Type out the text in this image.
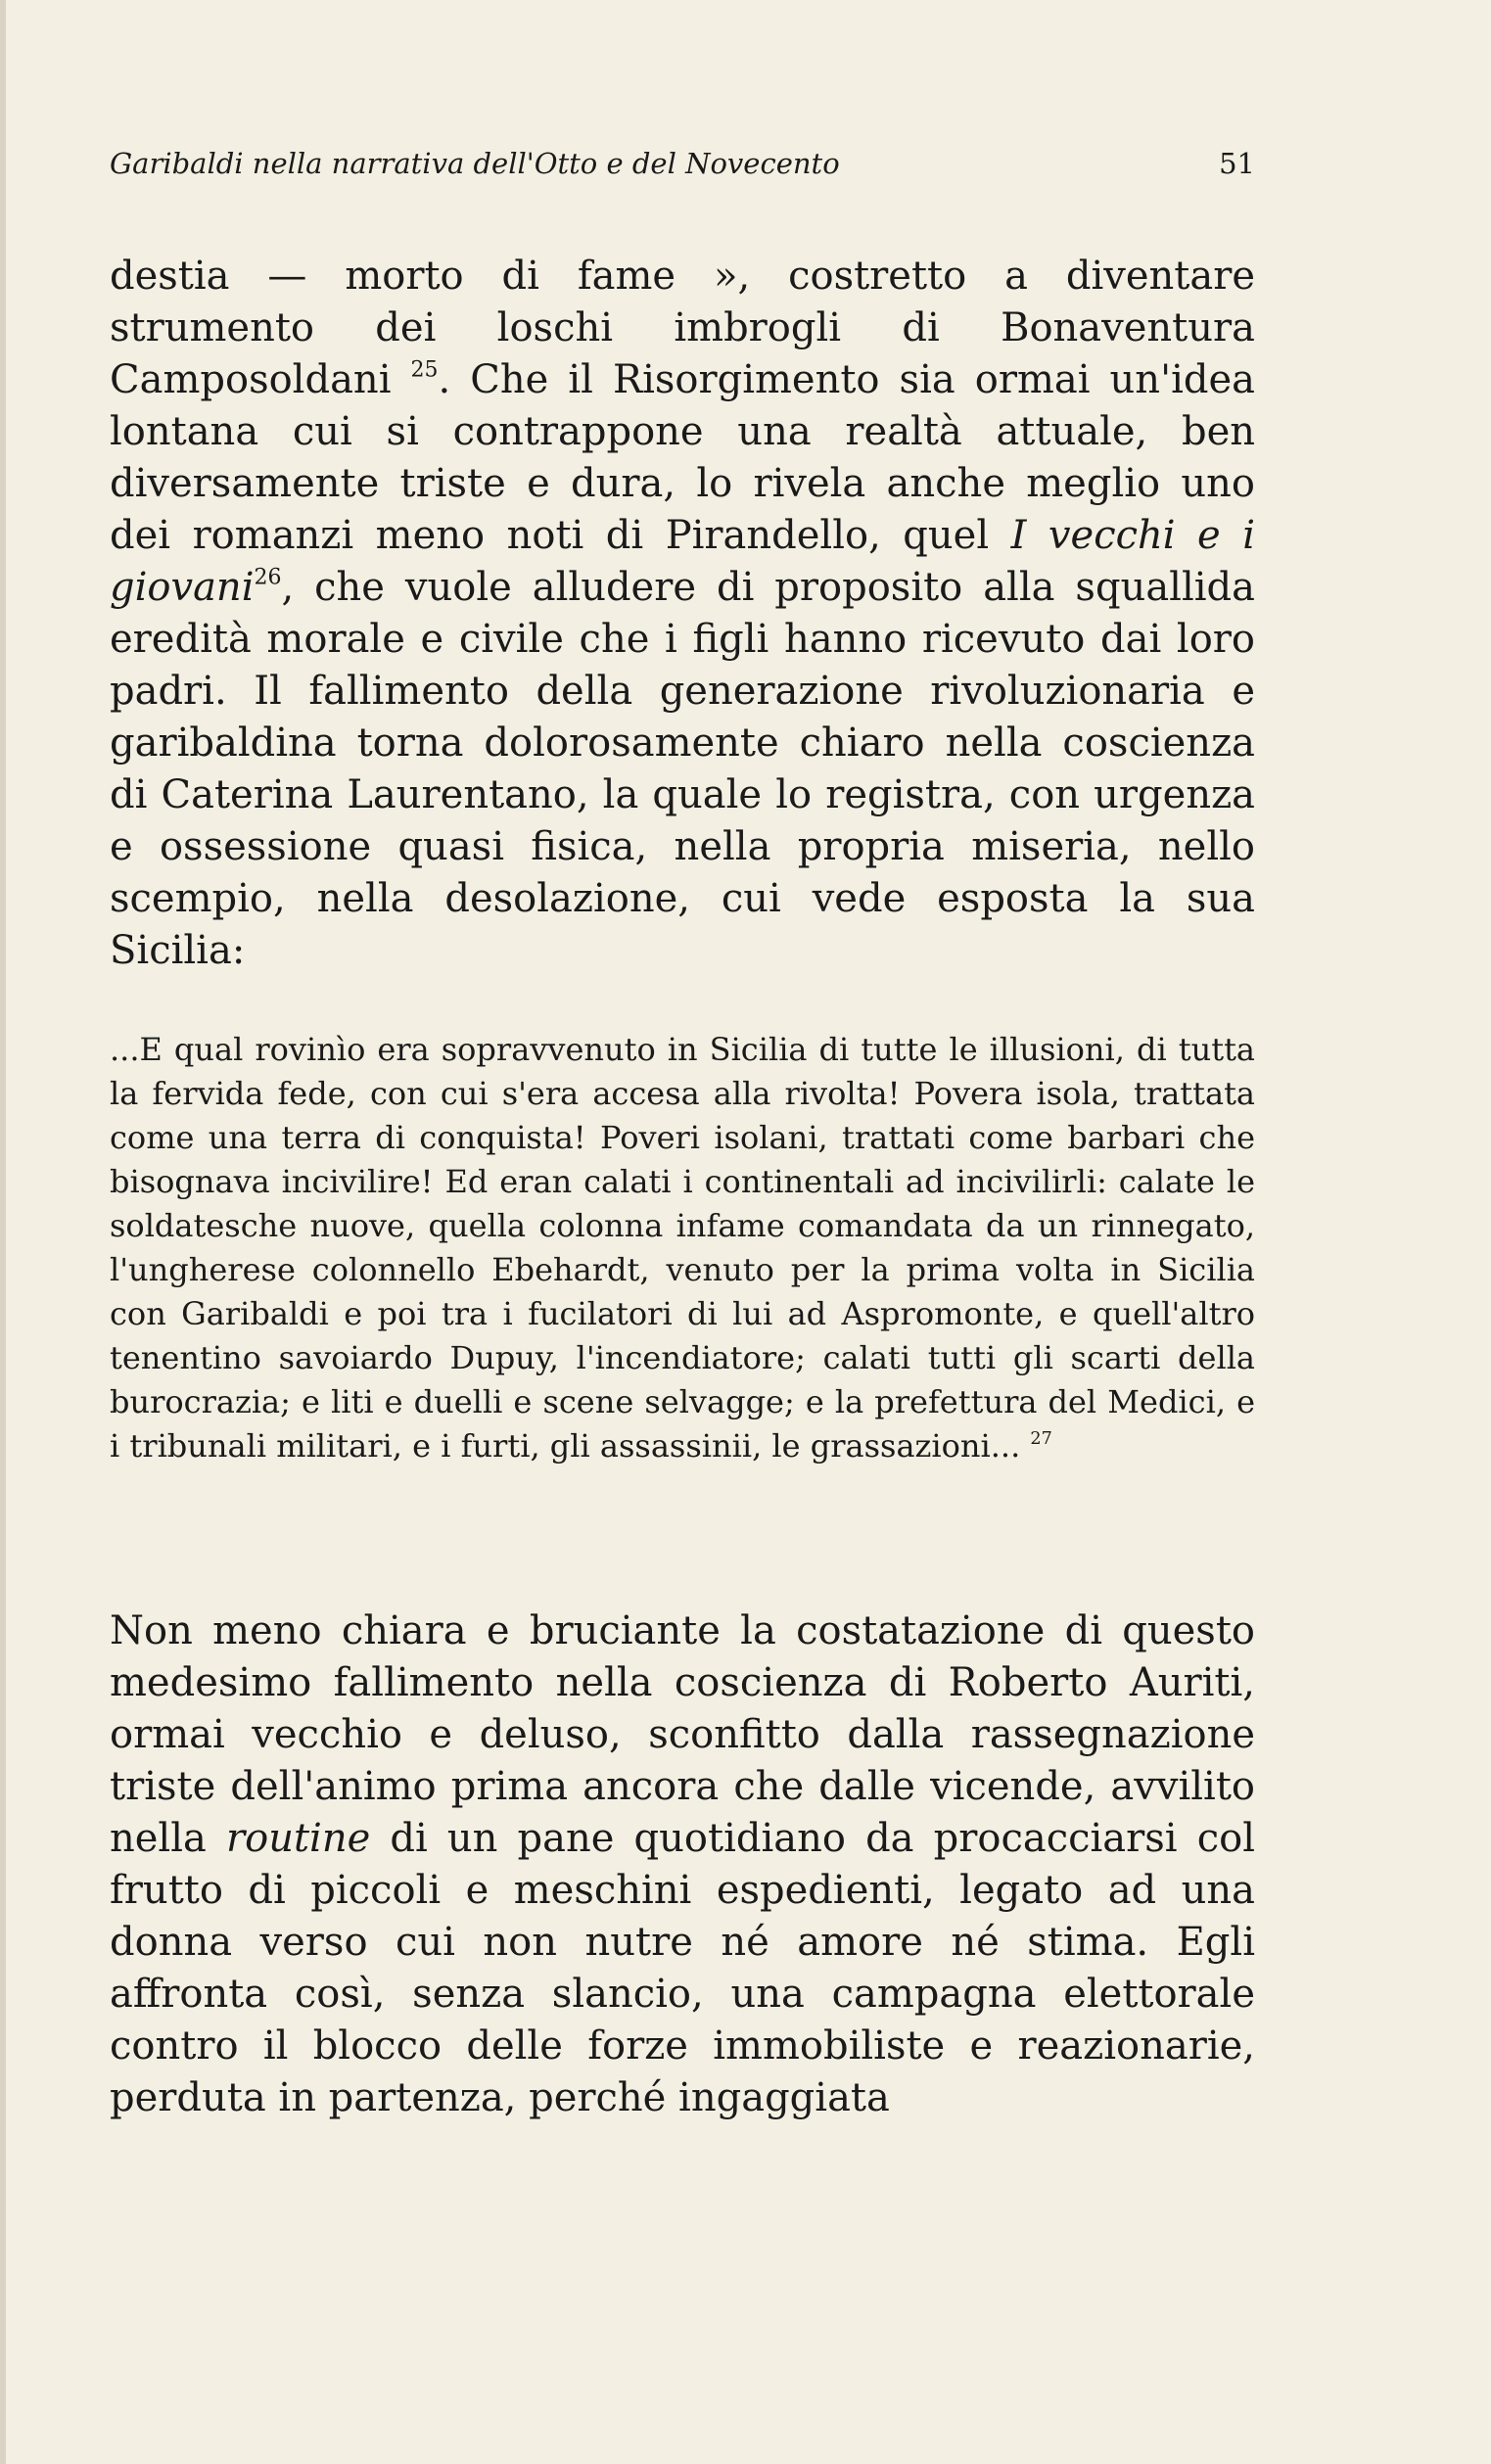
Garibaldi nella narrativa dell'Otto e del Novecento	51
destia — morto di fame », costretto a diventare strumento dei loschi imbrogli di Bonaventura Camposoldani $^{25}$. Che il Risorgimento sia ormai un'idea lontana cui si contrappone una realtà attuale, ben diversamente triste e dura, lo rivela anche meglio uno dei romanzi meno noti di Pirandello, quel I vecchi e i giovani$^{26}$, che vuole alludere di proposito alla squallida eredità morale e civile che i figli hanno ricevuto dai loro padri. Il fallimento della generazione rivoluzionaria e garibaldina torna dolorosamente chiaro nella coscienza di Caterina Laurentano, la quale lo registra, con urgenza e ossessione quasi fisica, nella propria miseria, nello scempio, nella desolazione, cui vede esposta la sua Sicilia:
...E qual rovinìo era sopravvenuto in Sicilia di tutte le illusioni, di tutta la fervida fede, con cui s'era accesa alla rivolta! Povera isola, trattata come una terra di conquista! Poveri isolani, trattati come barbari che bisognava incivilire! Ed eran calati i continentali ad incivilirli: calate le soldatesche nuove, quella colonna infame comandata da un rinnegato, l'ungherese colonnello Ebehardt, venuto per la prima volta in Sicilia con Garibaldi e poi tra i fucilatori di lui ad Aspromonte, e quell'altro tenentino savoiardo Dupuy, l'incendiatore; calati tutti gli scarti della burocrazia; e liti e duelli e scene selvagge; e la prefettura del Medici, e i tribunali militari, e i furti, gli assassinii, le grassazioni... $^{27}$
Non meno chiara e bruciante la costatazione di questo medesimo fallimento nella coscienza di Roberto Auriti, ormai vecchio e deluso, sconfitto dalla rassegnazione triste dell'animo prima ancora che dalle vicende, avvilito nella routine di un pane quotidiano da procacciarsi col frutto di piccoli e meschini espedienti, legato ad una donna verso cui non nutre né amore né stima. Egli affronta così, senza slancio, una campagna elettorale contro il blocco delle forze immobiliste e reazionarie, perduta in partenza, perché ingaggiata
